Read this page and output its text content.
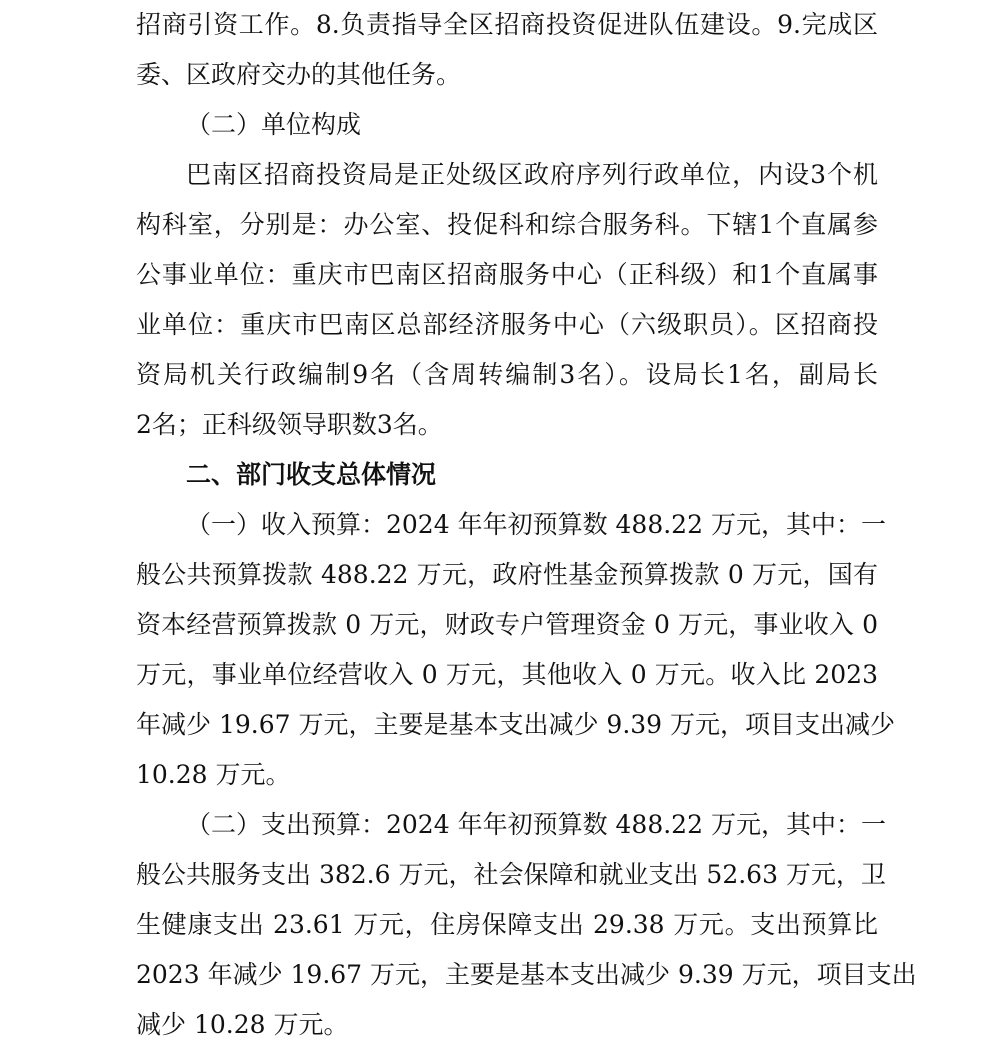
招商引资工作。8.负责指导全区招商投资促进队伍建设。9.完成区
委、区政府交办的其他任务。
（二）单位构成
巴南区招商投资局是正处级区政府序列行政单位，内设3个机
构科室，分别是：办公室、投促科和综合服务科。下辖1个直属参
公事业单位：重庆市巴南区招商服务中心（正科级）和1个直属事
业单位：重庆市巴南区总部经济服务中心（六级职员）。区招商投
资局机关行政编制9名（含周转编制3名）。设局长1名，副局长
2名；正科级领导职数3名。
二、部门收支总体情况
（一）收入预算：2024 年年初预算数 488.22 万元，其中：一
般公共预算拨款 488.22 万元，政府性基金预算拨款 0 万元，国有
资本经营预算拨款 0 万元，财政专户管理资金 0 万元，事业收入 0
万元，事业单位经营收入 0 万元，其他收入 0 万元。收入比 2023
年减少 19.67 万元，主要是基本支出减少 9.39 万元，项目支出减少
10.28 万元。
（二）支出预算：2024 年年初预算数 488.22 万元，其中：一
般公共服务支出 382.6 万元，社会保障和就业支出 52.63 万元，卫
生健康支出 23.61 万元，住房保障支出 29.38 万元。支出预算比
2023 年减少 19.67 万元，主要是基本支出减少 9.39 万元，项目支出
减少 10.28 万元。
